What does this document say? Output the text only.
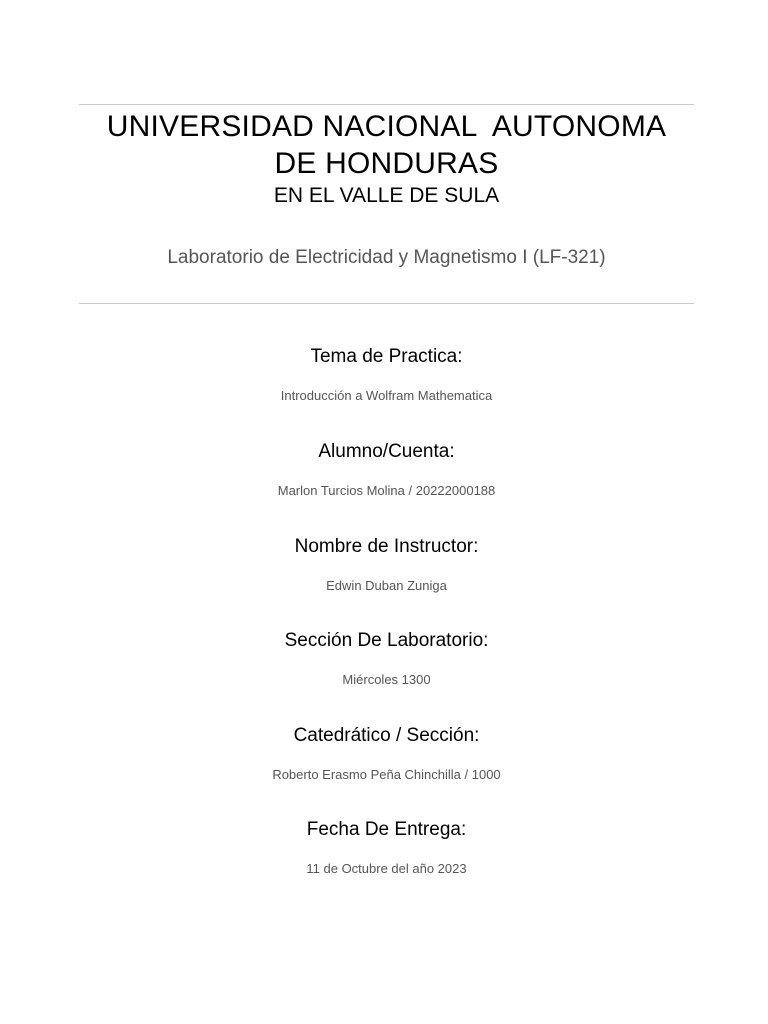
UNIVERSIDAD NACIONAL  AUTONOMA
DE HONDURAS
EN EL VALLE DE SULA
Laboratorio de Electricidad y Magnetismo I (LF-321)

Tema de Practica:

Introducción a Wolfram Mathematica

Alumno/Cuenta:

Marlon Turcios Molina / 20222000188

Nombre de Instructor:

Edwin Duban Zuniga

Sección De Laboratorio:

Miércoles 1300

Catedrático / Sección:

Roberto Erasmo Peña Chinchilla / 1000

Fecha De Entrega:

11 de Octubre del año 2023
